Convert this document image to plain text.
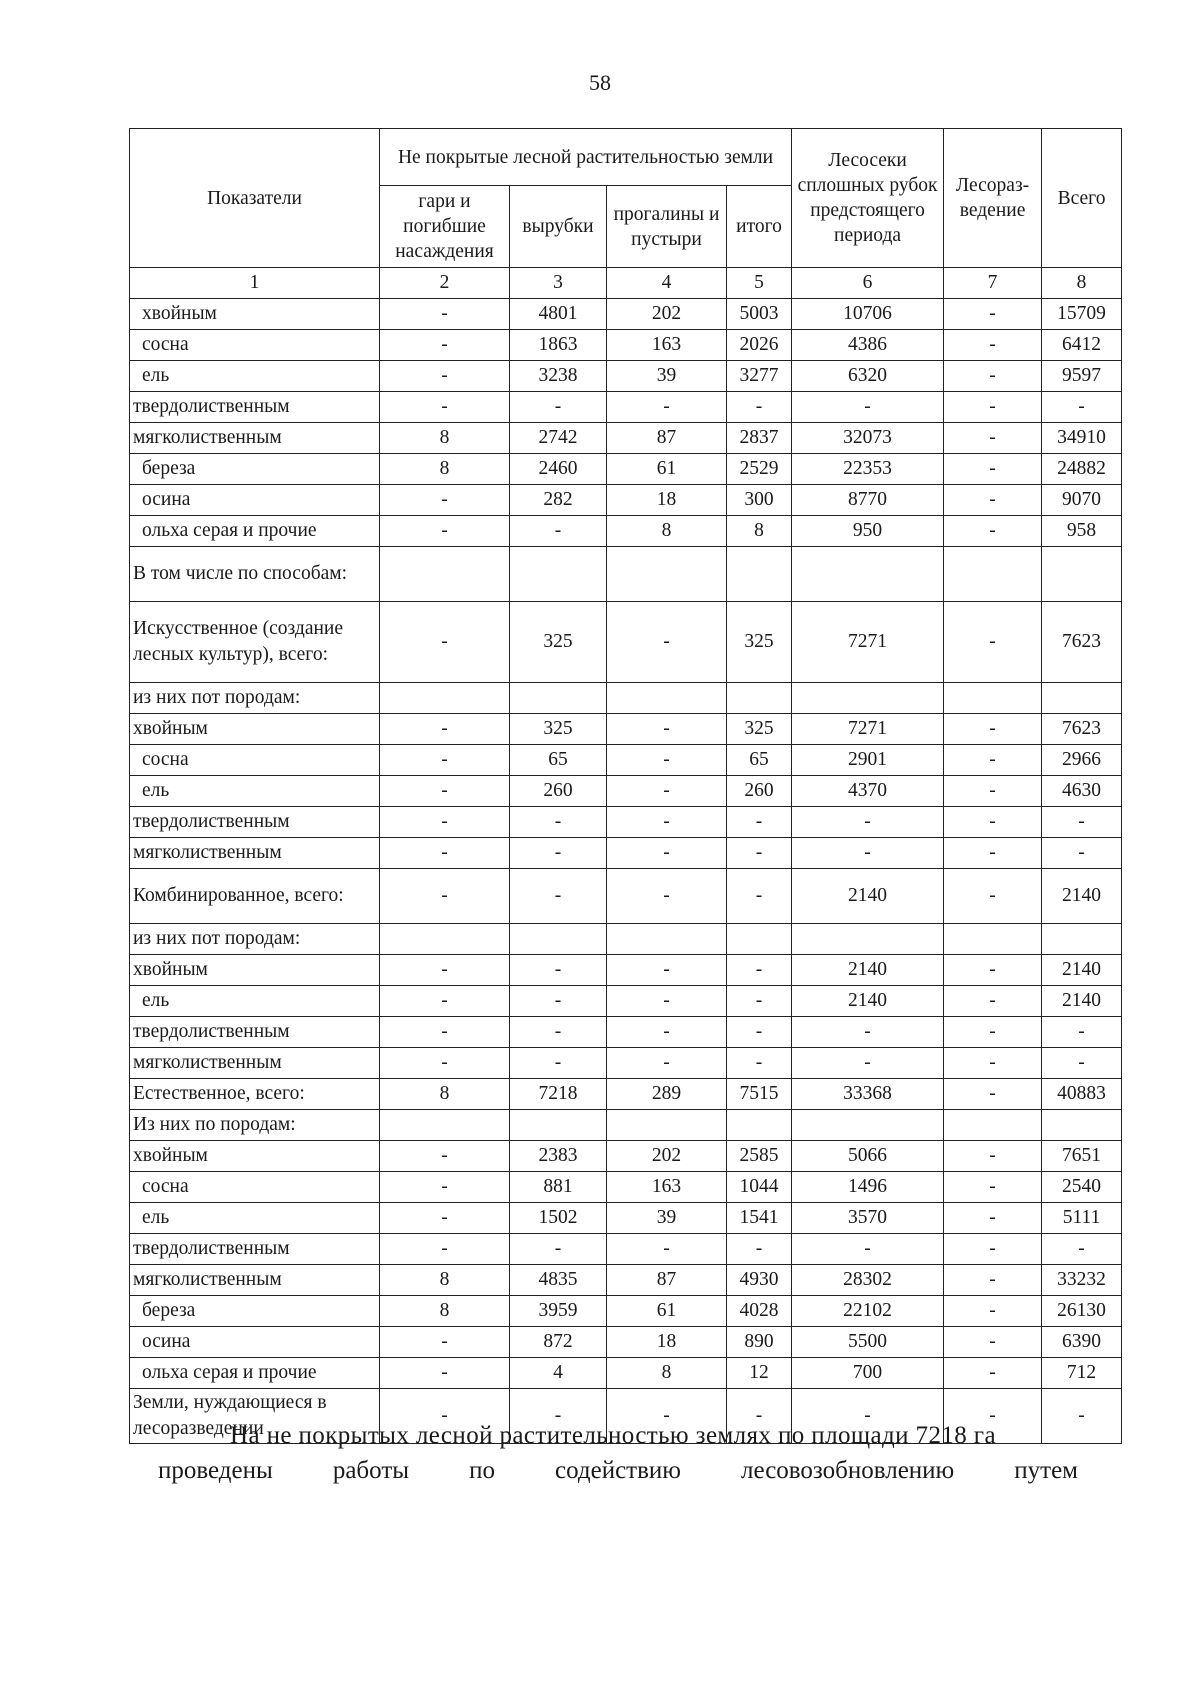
58
Показатели	Не покрытые лесной растительностью земли				Лесосеки сплошных рубок предстоящего периода	Лесораз-ведение	Всего
	гари и погибшие насаждения	вырубки	прогалины и пустыри	итого			
1	2	3	4	5	6	7	8
хвойным	-	4801	202	5003	10706	-	15709
сосна	-	1863	163	2026	4386	-	6412
ель	-	3238	39	3277	6320	-	9597
твердолиственным	-	-	-	-	-	-	-
мягколиственным	8	2742	87	2837	32073	-	34910
береза	8	2460	61	2529	22353	-	24882
осина	-	282	18	300	8770	-	9070
ольха серая и прочие	-	-	8	8	950	-	958
В том числе по способам:							
Искусственное (создание лесных культур), всего:	-	325	-	325	7271	-	7623
из них пот породам:							
хвойным	-	325	-	325	7271	-	7623
сосна	-	65	-	65	2901	-	2966
ель	-	260	-	260	4370	-	4630
твердолиственным	-	-	-	-	-	-	-
мягколиственным	-	-	-	-	-	-	-
Комбинированное, всего:	-	-	-	-	2140	-	2140
из них пот породам:							
хвойным	-	-	-	-	2140	-	2140
ель	-	-	-	-	2140	-	2140
твердолиственным	-	-	-	-	-	-	-
мягколиственным	-	-	-	-	-	-	-
Естественное, всего:	8	7218	289	7515	33368	-	40883
Из них по породам:							
хвойным	-	2383	202	2585	5066	-	7651
сосна	-	881	163	1044	1496	-	2540
ель	-	1502	39	1541	3570	-	5111
твердолиственным	-	-	-	-	-	-	-
мягколиственным	8	4835	87	4930	28302	-	33232
береза	8	3959	61	4028	22102	-	26130
осина	-	872	18	890	5500	-	6390
ольха серая и прочие	-	4	8	12	700	-	712
Земли, нуждающиеся в лесоразведении	-	-	-	-	-	-	-
На не покрытых лесной растительностью землях по площади 7218 га
проведены работы по содействию лесовозобновлению путем
